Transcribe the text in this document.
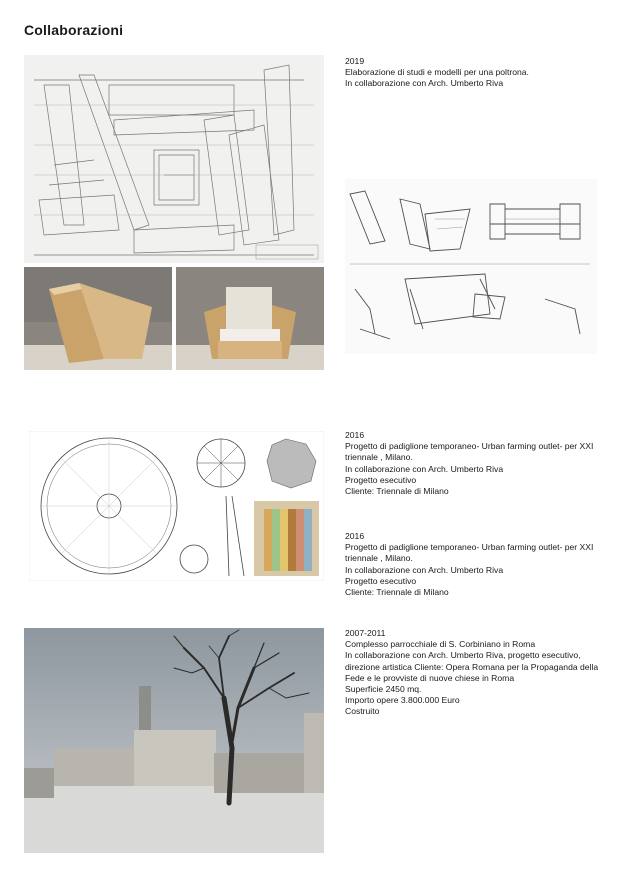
Collaborazioni
2019
Elaborazione di studi e modelli per una poltrona.
In collaborazione con Arch. Umberto Riva
2016
Progetto di padiglione temporaneo- Urban farming outlet- per XXI triennale , Milano.
In collaborazione con Arch. Umberto Riva
Progetto esecutivo
Cliente: Triennale di Milano
2016
Progetto di padiglione temporaneo- Urban farming outlet- per XXI triennale , Milano.
In collaborazione con Arch. Umberto Riva
Progetto esecutivo
Cliente: Triennale di Milano
2007-2011
Complesso parrocchiale di S. Corbiniano in Roma
In collaborazione con Arch. Umberto Riva, progetto esecutivo, direzione artistica Cliente: Opera Romana per la Propaganda della Fede e le provviste di nuove chiese in Roma
Superficie 2450 mq.
Importo opere 3.800.000 Euro
Costruito
